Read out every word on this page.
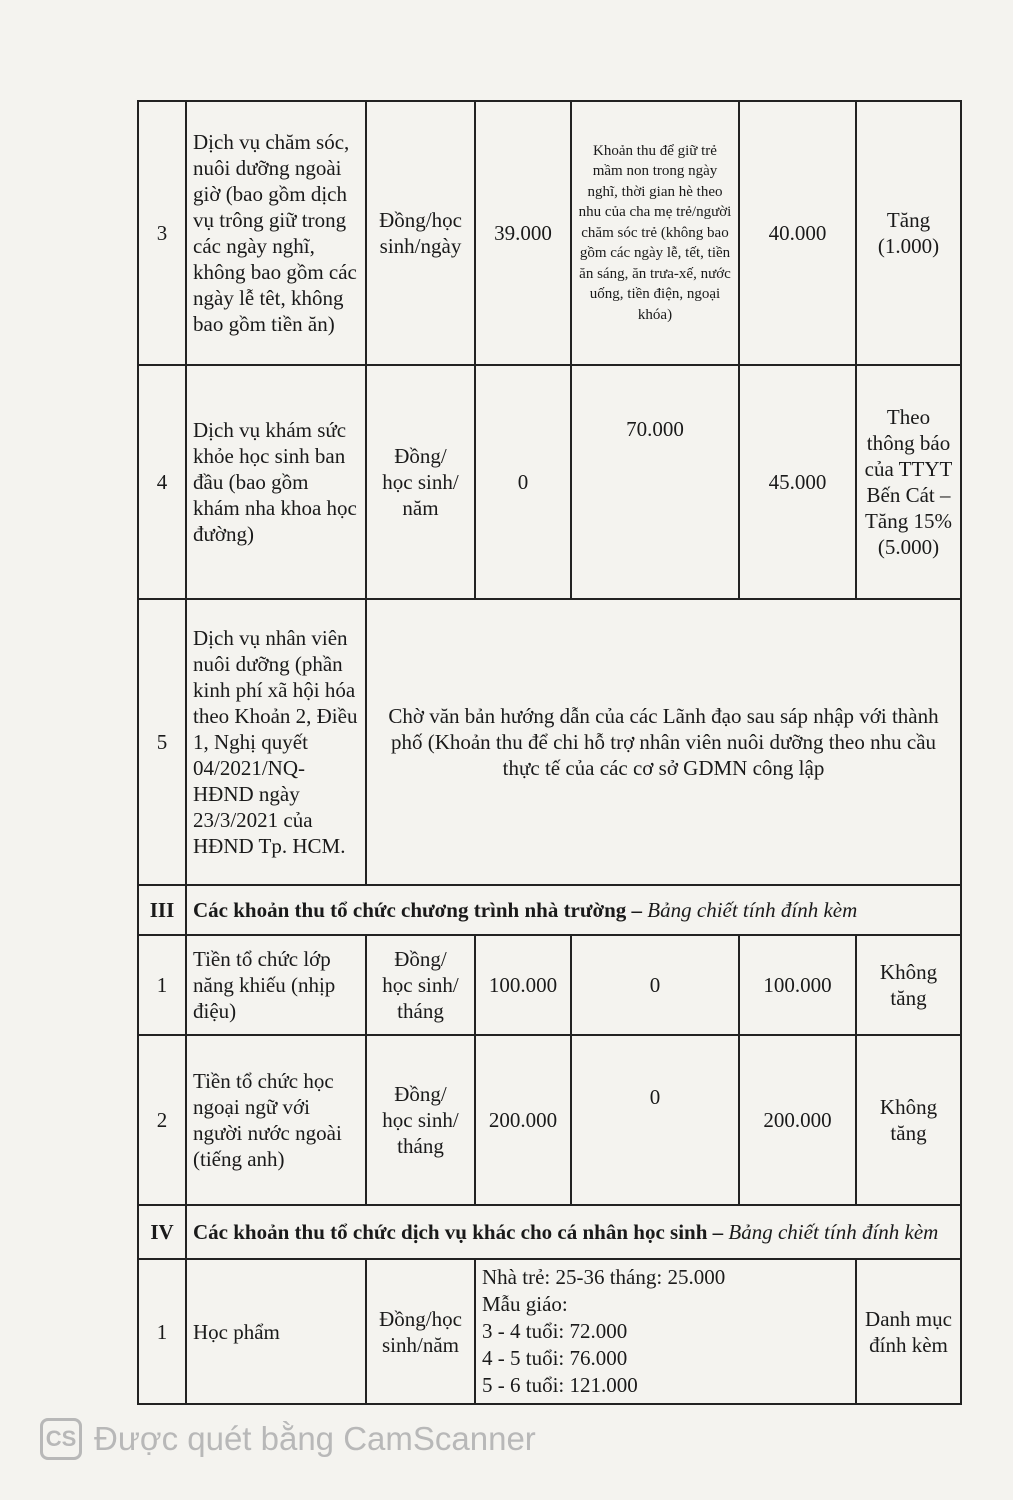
3	Dịch vụ chăm sóc, nuôi dưỡng ngoài giờ (bao gồm dịch vụ trông giữ trong các ngày nghĩ, không bao gồm các ngày lễ têt, không bao gồm tiền ăn)	Đồng/học sinh/ngày	39.000	Khoản thu để giữ trẻ mầm non trong ngày nghĩ, thời gian hè theo nhu của cha mẹ trẻ/người chăm sóc trẻ (không bao gồm các ngày lễ, tết, tiền ăn sáng, ăn trưa-xế, nước uống, tiền điện, ngoại khóa)	40.000	Tăng
(1.000)
4	Dịch vụ khám sức khỏe học sinh ban đầu (bao gồm khám nha khoa học đường)	Đồng/
học sinh/
năm	0	70.000	45.000	Theo thông báo của TTYT Bến Cát – Tăng 15% (5.000)
5	Dịch vụ nhân viên nuôi dưỡng (phần kinh phí xã hội hóa theo Khoản 2, Điều 1, Nghị quyết 04/2021/NQ-HĐND ngày 23/3/2021 của HĐND Tp. HCM.	Chờ văn bản hướng dẫn của các Lãnh đạo sau sáp nhập với thành phố (Khoản thu để chi hỗ trợ nhân viên nuôi dưỡng theo nhu cầu thực tế của các cơ sở GDMN công lập				
III	Các khoản thu tổ chức chương trình nhà trường – Bảng chiết tính đính kèm					
1	Tiền tổ chức lớp năng khiếu (nhịp điệu)	Đồng/
học sinh/
tháng	100.000	0	100.000	Không
tăng
2	Tiền tổ chức học ngoại ngữ với người nước ngoài (tiếng anh)	Đồng/
học sinh/
tháng	200.000	0	200.000	Không
tăng
IV	Các khoản thu tổ chức dịch vụ khác cho cá nhân học sinh – Bảng chiết tính đính kèm					
1	Học phẩm	Đồng/học sinh/năm	Nhà trẻ: 25-36 tháng: 25.000
Mẫu giáo:
3 - 4 tuổi: 72.000
4 - 5 tuổi: 76.000
5 - 6 tuổi: 121.000			Danh mục đính kèm
CS Được quét bằng CamScanner
